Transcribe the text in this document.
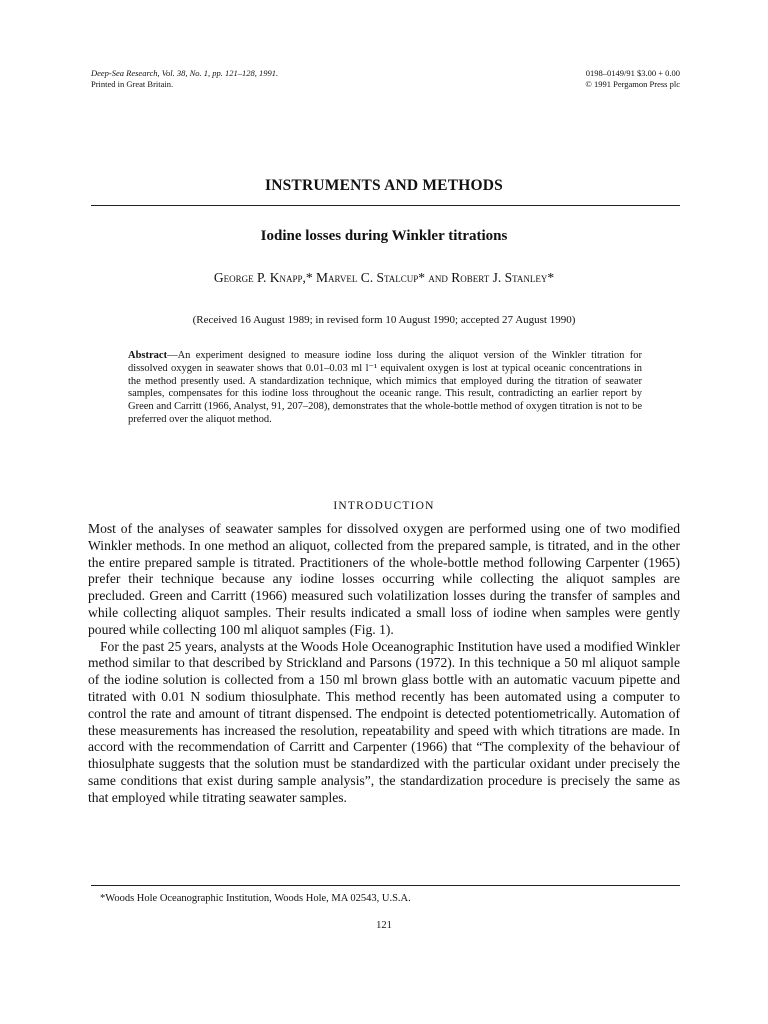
Deep-Sea Research, Vol. 38, No. 1, pp. 121–128, 1991.
Printed in Great Britain.
0198–0149/91 $3.00 + 0.00
© 1991 Pergamon Press plc
INSTRUMENTS AND METHODS
Iodine losses during Winkler titrations
George P. Knapp,* Marvel C. Stalcup* and Robert J. Stanley*
(Received 16 August 1989; in revised form 10 August 1990; accepted 27 August 1990)
Abstract—An experiment designed to measure iodine loss during the aliquot version of the Winkler titration for dissolved oxygen in seawater shows that 0.01–0.03 ml l⁻¹ equivalent oxygen is lost at typical oceanic concentrations in the method presently used. A standardization technique, which mimics that employed during the titration of seawater samples, compensates for this iodine loss throughout the oceanic range. This result, contradicting an earlier report by Green and Carritt (1966, Analyst, 91, 207–208), demonstrates that the whole-bottle method of oxygen titration is not to be preferred over the aliquot method.
INTRODUCTION

Most of the analyses of seawater samples for dissolved oxygen are performed using one of two modified Winkler methods. In one method an aliquot, collected from the prepared sample, is titrated, and in the other the entire prepared sample is titrated. Practitioners of the whole-bottle method following Carpenter (1965) prefer their technique because any iodine losses occurring while collecting the aliquot samples are precluded. Green and Carritt (1966) measured such volatilization losses during the transfer of samples and while collecting aliquot samples. Their results indicated a small loss of iodine when samples were gently poured while collecting 100 ml aliquot samples (Fig. 1).

For the past 25 years, analysts at the Woods Hole Oceanographic Institution have used a modified Winkler method similar to that described by Strickland and Parsons (1972). In this technique a 50 ml aliquot sample of the iodine solution is collected from a 150 ml brown glass bottle with an automatic vacuum pipette and titrated with 0.01 N sodium thiosulphate. This method recently has been automated using a computer to control the rate and amount of titrant dispensed. The endpoint is detected potentiometrically. Automation of these measurements has increased the resolution, repeatability and speed with which titrations are made. In accord with the recommendation of Carritt and Carpenter (1966) that “The complexity of the behaviour of thiosulphate suggests that the solution must be standardized with the particular oxidant under precisely the same conditions that exist during sample analysis”, the standardization procedure is precisely the same as that employed while titrating seawater samples.

*Woods Hole Oceanographic Institution, Woods Hole, MA 02543, U.S.A.
121
